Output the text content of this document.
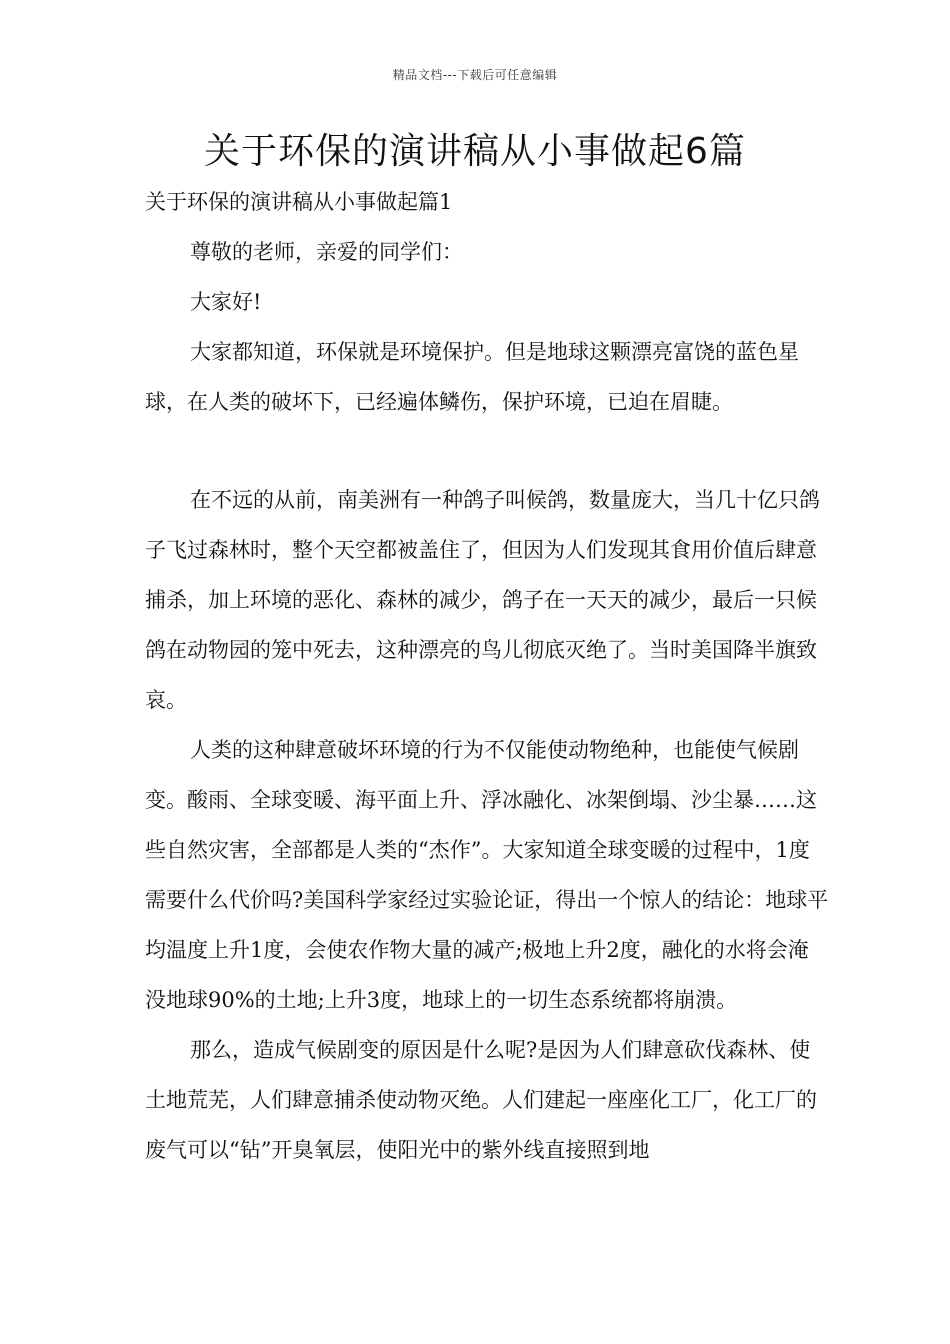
精品文档---下载后可任意编辑
关于环保的演讲稿从小事做起6篇

关于环保的演讲稿从小事做起篇1

尊敬的老师，亲爱的同学们：

大家好!

大家都知道，环保就是环境保护。但是地球这颗漂亮富饶的蓝色星球，在人类的破坏下，已经遍体鳞伤，保护环境，已迫在眉睫。

在不远的从前，南美洲有一种鸽子叫候鸽，数量庞大，当几十亿只鸽子飞过森林时，整个天空都被盖住了，但因为人们发现其食用价值后肆意捕杀，加上环境的恶化、森林的减少，鸽子在一天天的减少，最后一只候鸽在动物园的笼中死去，这种漂亮的鸟儿彻底灭绝了。当时美国降半旗致哀。

人类的这种肆意破坏环境的行为不仅能使动物绝种，也能使气候剧变。酸雨、全球变暖、海平面上升、浮冰融化、冰架倒塌、沙尘暴……这些自然灾害，全部都是人类的“杰作”。大家知道全球变暖的过程中，1度需要什么代价吗?美国科学家经过实验论证，得出一个惊人的结论：地球平均温度上升1度，会使农作物大量的减产;极地上升2度，融化的水将会淹没地球90%的土地;上升3度，地球上的一切生态系统都将崩溃。

那么，造成气候剧变的原因是什么呢?是因为人们肆意砍伐森林、使土地荒芜，人们肆意捕杀使动物灭绝。人们建起一座座化工厂，化工厂的废气可以“钻”开臭氧层，使阳光中的紫外线直接照到地
